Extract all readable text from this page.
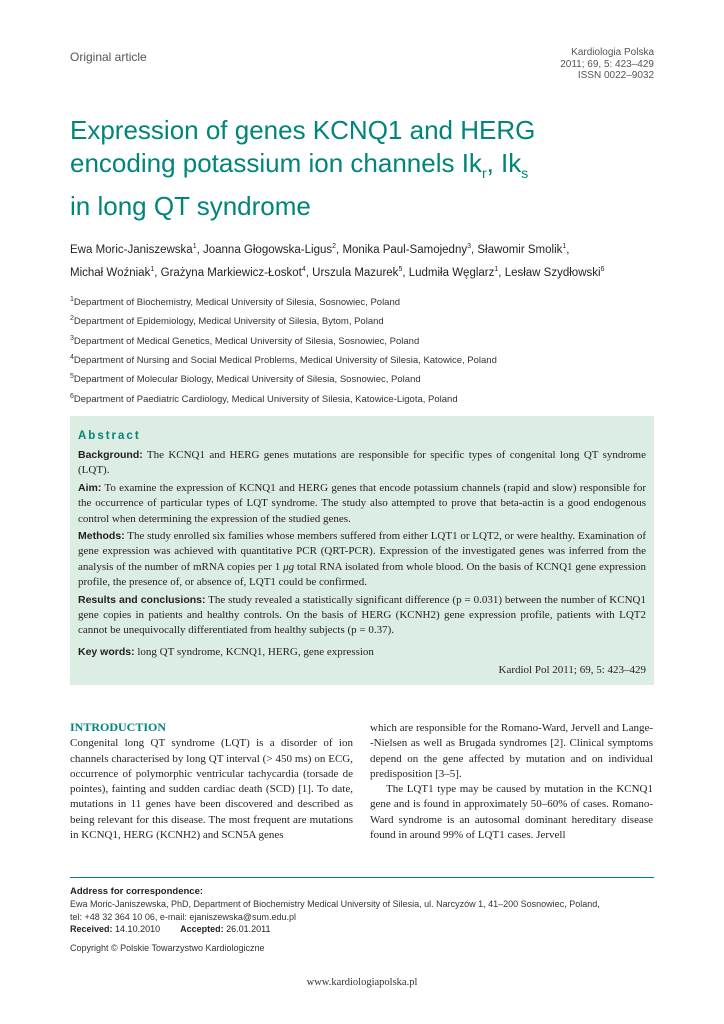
Original article	Kardiologia Polska
2011; 69, 5: 423–429
ISSN 0022–9032
Expression of genes KCNQ1 and HERG
encoding potassium ion channels $Ik_r$, $Ik_s$
in long QT syndrome
Ewa Moric-Janiszewska$^1$, Joanna Głogowska-Ligus$^2$, Monika Paul-Samojedny$^3$, Sławomir Smolik$^1$,
Michał Woźniak$^1$, Grażyna Markiewicz-Łoskot$^4$, Urszula Mazurek$^5$, Ludmiła Węglarz$^1$, Lesław Szydłowski$^6$
$^1$Department of Biochemistry, Medical University of Silesia, Sosnowiec, Poland
$^2$Department of Epidemiology, Medical University of Silesia, Bytom, Poland
$^3$Department of Medical Genetics, Medical University of Silesia, Sosnowiec, Poland
$^4$Department of Nursing and Social Medical Problems, Medical University of Silesia, Katowice, Poland
$^5$Department of Molecular Biology, Medical University of Silesia, Sosnowiec, Poland
$^6$Department of Paediatric Cardiology, Medical University of Silesia, Katowice-Ligota, Poland
Abstract

Background: The KCNQ1 and HERG genes mutations are responsible for specific types of congenital long QT syndrome (LQT).

Aim: To examine the expression of KCNQ1 and HERG genes that encode potassium channels (rapid and slow) responsible for the occurrence of particular types of LQT syndrome. The study also attempted to prove that beta-actin is a good endogenous control when determining the expression of the studied genes.

Methods: The study enrolled six families whose members suffered from either LQT1 or LQT2, or were healthy. Examination of gene expression was achieved with quantitative PCR (QRT-PCR). Expression of the investigated genes was inferred from the analysis of the number of mRNA copies per 1 μg total RNA isolated from whole blood. On the basis of KCNQ1 gene expression profile, the presence of, or absence of, LQT1 could be confirmed.

Results and conclusions: The study revealed a statistically significant difference (p = 0.031) between the number of KCNQ1 gene copies in patients and healthy controls. On the basis of HERG (KCNH2) gene expression profile, patients with LQT2 cannot be unequivocally differentiated from healthy subjects (p = 0.37).

Key words: long QT syndrome, KCNQ1, HERG, gene expression

Kardiol Pol 2011; 69, 5: 423–429
INTRODUCTION

Congenital long QT syndrome (LQT) is a disorder of ion channels characterised by long QT interval (> 450 ms) on ECG, occurrence of polymorphic ventricular tachycardia (torsade de pointes), fainting and sudden cardiac death (SCD) [1]. To date, mutations in 11 genes have been discovered and described as being relevant for this disease. The most frequent are mutations in KCNQ1, HERG (KCNH2) and SCN5A genes

which are responsible for the Romano-Ward, Jervell and Lange--Nielsen as well as Brugada syndromes [2]. Clinical symptoms depend on the gene affected by mutation and on individual predisposition [3–5].

The LQT1 type may be caused by mutation in the KCNQ1 gene and is found in approximately 50–60% of cases. Romano-Ward syndrome is an autosomal dominant hereditary disease found in around 99% of LQT1 cases. Jervell

Address for correspondence:
Ewa Moric-Janiszewska, PhD, Department of Biochemistry Medical University of Silesia, ul. Narcyzów 1, 41–200 Sosnowiec, Poland,
tel: +48 32 364 10 06, e-mail: ejaniszewska@sum.edu.pl
Received: 14.10.2010 Accepted: 26.01.2011
Copyright © Polskie Towarzystwo Kardiologiczne
www.kardiologiapolska.pl
